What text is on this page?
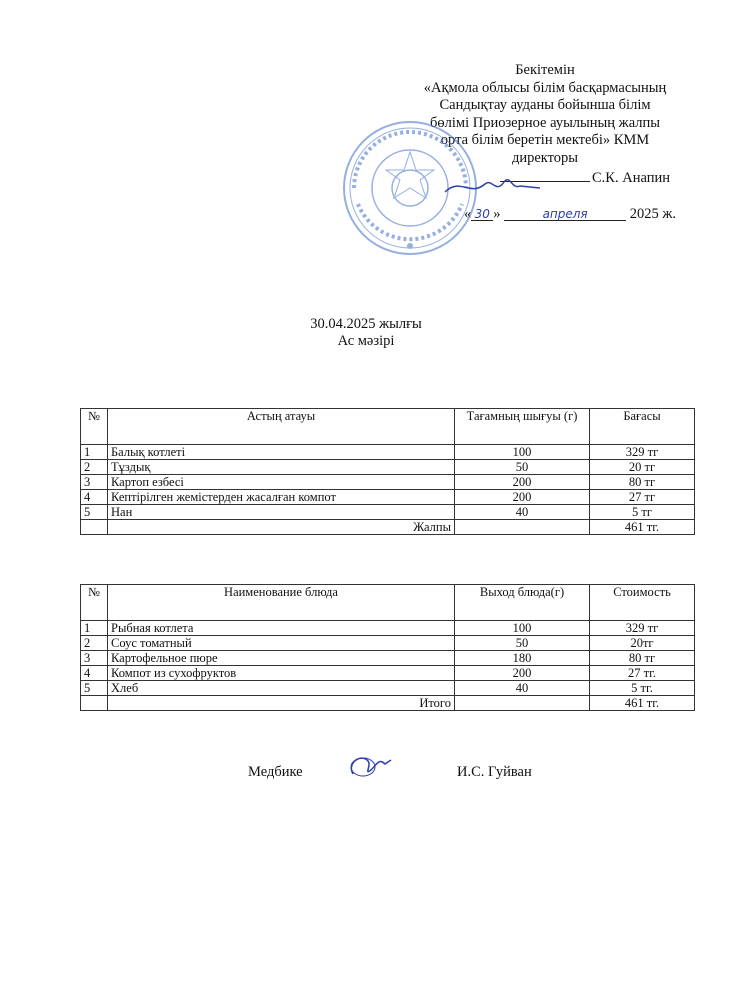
Бекітемін
«Ақмола облысы білім басқармасының
Сандықтау ауданы бойынша білім
бөлімі Приозерное ауылының жалпы
орта білім беретін мектебі» КММ
директоры
С.К. Анапин
« 30 »	апреля	2025 ж.
30.04.2025 жылғы
Ас мәзірі
№	Астың атауы	Тағамның шығуы (г)	Бағасы
1	Балық котлеті	100	329 тг
2	Тұздық	50	20 тг
3	Картоп езбесі	200	80 тг
4	Кептірілген жемістерден жасалған компот	200	27 тг
5	Нан	40	5 тг
	Жалпы		461 тг.
№	Наименование блюда	Выход блюда(г)	Стоимость
1	Рыбная котлета	100	329 тг
2	Соус томатный	50	20тг
3	Картофельное пюре	180	80 тг
4	Компот из сухофруктов	200	27 тг.
5	Хлеб	40	5 тг.
	Итого		461 тг.
Медбике	И.С. Гуйван
